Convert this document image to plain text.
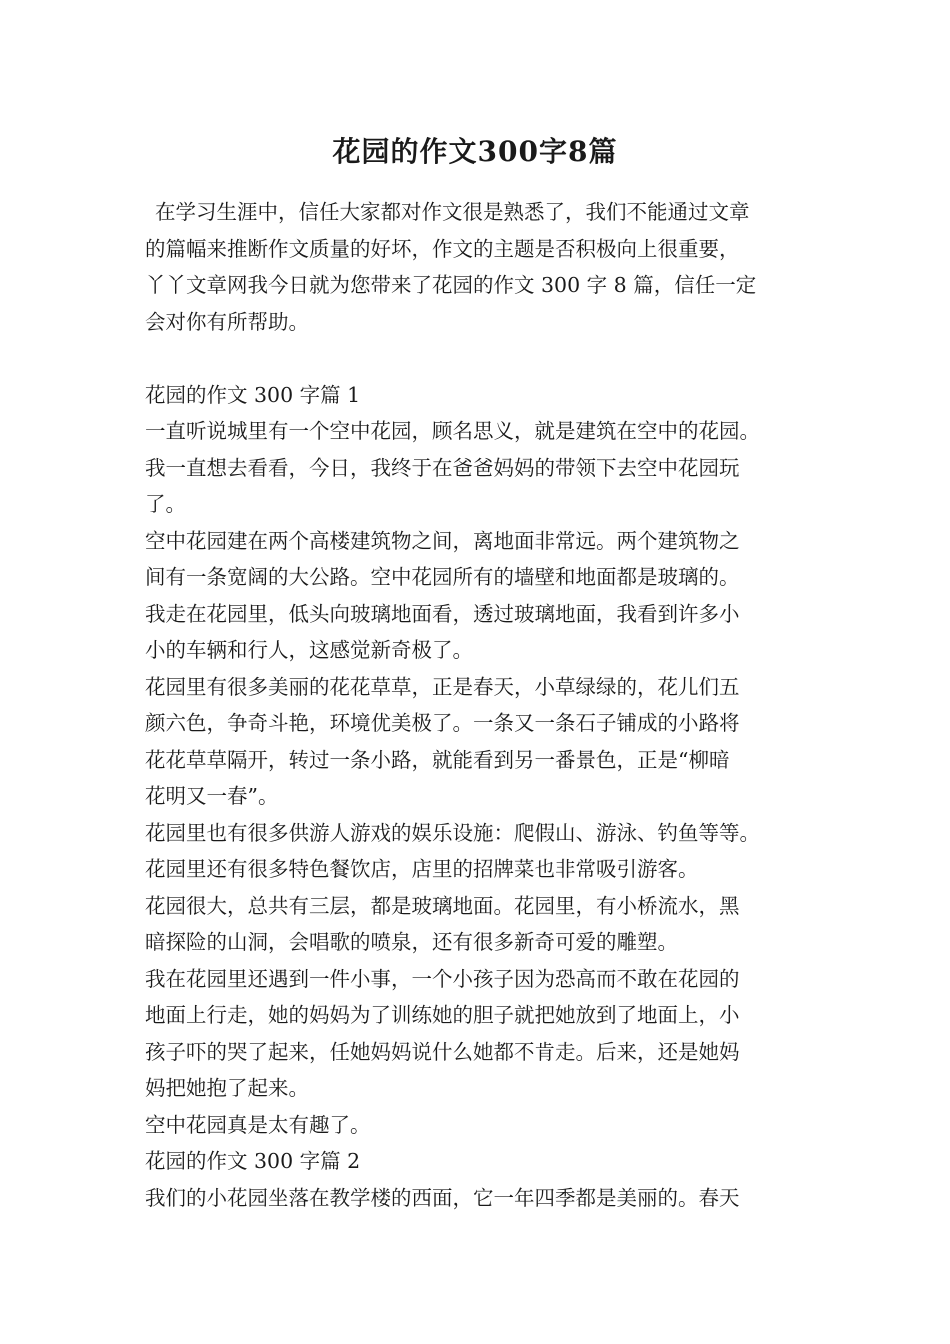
花园的作文300字8篇
在学习生涯中，信任大家都对作文很是熟悉了，我们不能通过文章
的篇幅来推断作文质量的好坏，作文的主题是否积极向上很重要，
丫丫文章网我今日就为您带来了花园的作文 300 字 8 篇，信任一定
会对你有所帮助。
花园的作文 300 字篇 1
一直听说城里有一个空中花园，顾名思义，就是建筑在空中的花园。
我一直想去看看，今日，我终于在爸爸妈妈的带领下去空中花园玩
了。
空中花园建在两个高楼建筑物之间，离地面非常远。两个建筑物之
间有一条宽阔的大公路。空中花园所有的墙壁和地面都是玻璃的。
我走在花园里，低头向玻璃地面看，透过玻璃地面，我看到许多小
小的车辆和行人，这感觉新奇极了。
花园里有很多美丽的花花草草，正是春天，小草绿绿的，花儿们五
颜六色，争奇斗艳，环境优美极了。一条又一条石子铺成的小路将
花花草草隔开，转过一条小路，就能看到另一番景色，正是“柳暗
花明又一春”。
花园里也有很多供游人游戏的娱乐设施：爬假山、游泳、钓鱼等等。
花园里还有很多特色餐饮店，店里的招牌菜也非常吸引游客。
花园很大，总共有三层，都是玻璃地面。花园里，有小桥流水，黑
暗探险的山洞，会唱歌的喷泉，还有很多新奇可爱的雕塑。
我在花园里还遇到一件小事，一个小孩子因为恐高而不敢在花园的
地面上行走，她的妈妈为了训练她的胆子就把她放到了地面上，小
孩子吓的哭了起来，任她妈妈说什么她都不肯走。后来，还是她妈
妈把她抱了起来。
空中花园真是太有趣了。
花园的作文 300 字篇 2
我们的小花园坐落在教学楼的西面，它一年四季都是美丽的。春天
